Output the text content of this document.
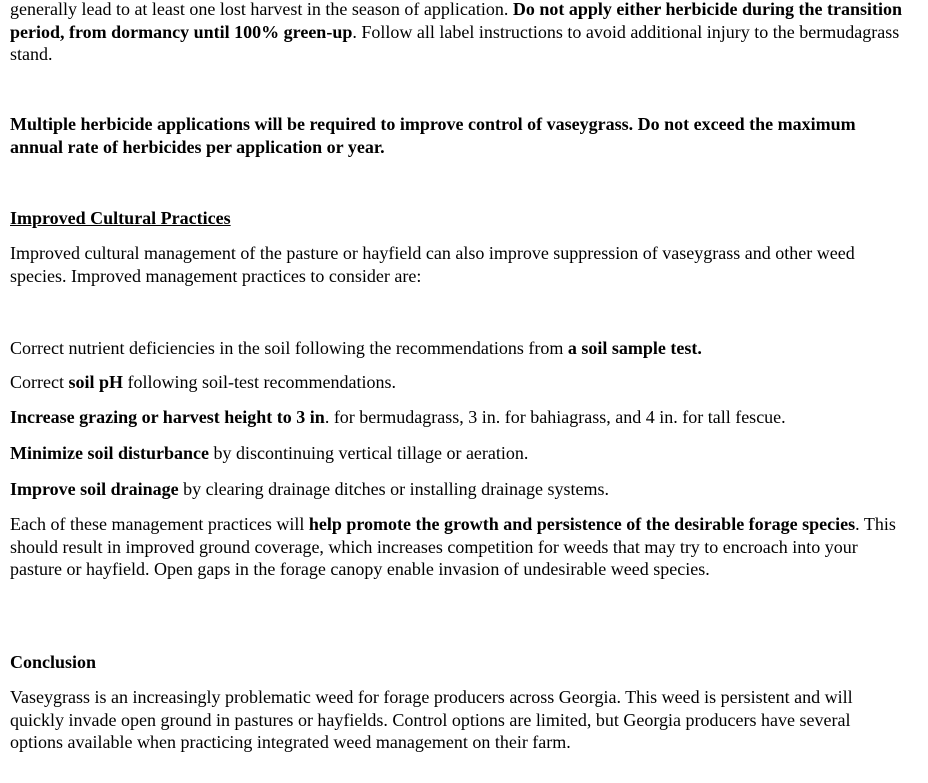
generally lead to at least one lost harvest in the season of application. Do not apply either herbicide during the transition period, from dormancy until 100% green-up. Follow all label instructions to avoid additional injury to the bermudagrass stand.

Multiple herbicide applications will be required to improve control of vaseygrass. Do not exceed the maximum annual rate of herbicides per application or year.

Improved Cultural Practices

Improved cultural management of the pasture or hayfield can also improve suppression of vaseygrass and other weed species. Improved management practices to consider are:

Correct nutrient deficiencies in the soil following the recommendations from a soil sample test.

Correct soil pH following soil-test recommendations.

Increase grazing or harvest height to 3 in. for bermudagrass, 3 in. for bahiagrass, and 4 in. for tall fescue.

Minimize soil disturbance by discontinuing vertical tillage or aeration.

Improve soil drainage by clearing drainage ditches or installing drainage systems.

Each of these management practices will help promote the growth and persistence of the desirable forage species. This should result in improved ground coverage, which increases competition for weeds that may try to encroach into your pasture or hayfield. Open gaps in the forage canopy enable invasion of undesirable weed species.

Conclusion

Vaseygrass is an increasingly problematic weed for forage producers across Georgia. This weed is persistent and will quickly invade open ground in pastures or hayfields. Control options are limited, but Georgia producers have several options available when practicing integrated weed management on their farm.
